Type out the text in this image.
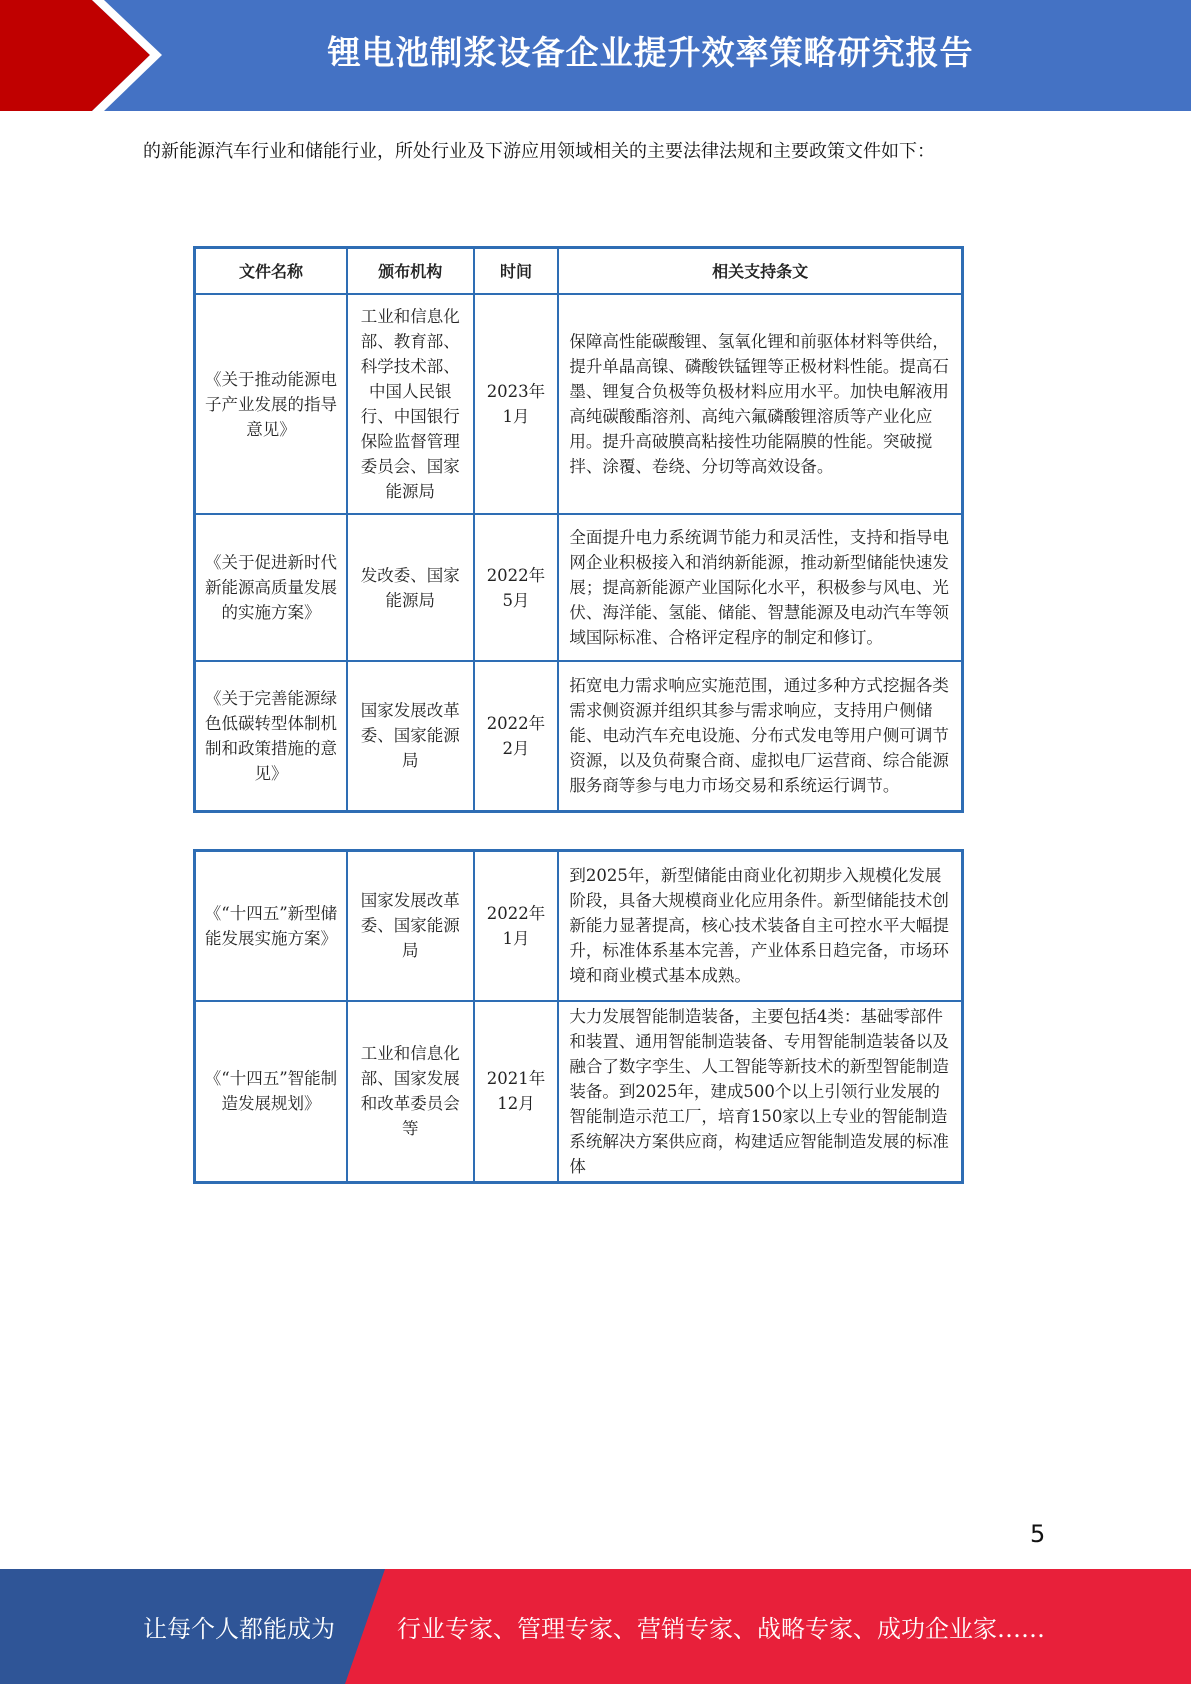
锂电池制浆设备企业提升效率策略研究报告
的新能源汽车行业和储能行业，所处行业及下游应用领域相关的主要法律法规和主要政策文件如下：
文件名称	颁布机构	时间	相关支持条文
《关于推动能源电子产业发展的指导意见》	工业和信息化部、教育部、科学技术部、中国人民银行、中国银行保险监督管理委员会、国家能源局	2023年1月	保障高性能碳酸锂、氢氧化锂和前驱体材料等供给，提升单晶高镍、磷酸铁锰锂等正极材料性能。提高石墨、锂复合负极等负极材料应用水平。加快电解液用高纯碳酸酯溶剂、高纯六氟磷酸锂溶质等产业化应用。提升高破膜高粘接性功能隔膜的性能。突破搅拌、涂覆、卷绕、分切等高效设备。
《关于促进新时代新能源高质量发展的实施方案》	发改委、国家能源局	2022年5月	全面提升电力系统调节能力和灵活性，支持和指导电网企业积极接入和消纳新能源，推动新型储能快速发展；提高新能源产业国际化水平，积极参与风电、光伏、海洋能、氢能、储能、智慧能源及电动汽车等领域国际标准、合格评定程序的制定和修订。
《关于完善能源绿色低碳转型体制机制和政策措施的意见》	国家发展改革委、国家能源局	2022年2月	拓宽电力需求响应实施范围，通过多种方式挖掘各类需求侧资源并组织其参与需求响应，支持用户侧储能、电动汽车充电设施、分布式发电等用户侧可调节资源，以及负荷聚合商、虚拟电厂运营商、综合能源服务商等参与电力市场交易和系统运行调节。
《“十四五”新型储能发展实施方案》	国家发展改革委、国家能源局	2022年1月	到2025年，新型储能由商业化初期步入规模化发展阶段，具备大规模商业化应用条件。新型储能技术创新能力显著提高，核心技术装备自主可控水平大幅提升，标准体系基本完善，产业体系日趋完备，市场环境和商业模式基本成熟。
《“十四五”智能制造发展规划》	工业和信息化部、国家发展和改革委员会等	2021年12月	大力发展智能制造装备，主要包括4类：基础零部件和装置、通用智能制造装备、专用智能制造装备以及融合了数字孪生、人工智能等新技术的新型智能制造装备。到2025年，建成500个以上引领行业发展的智能制造示范工厂，培育150家以上专业的智能制造系统解决方案供应商，构建适应智能制造发展的标准体
5
让每个人都能成为	行业专家、管理专家、营销专家、战略专家、成功企业家……
